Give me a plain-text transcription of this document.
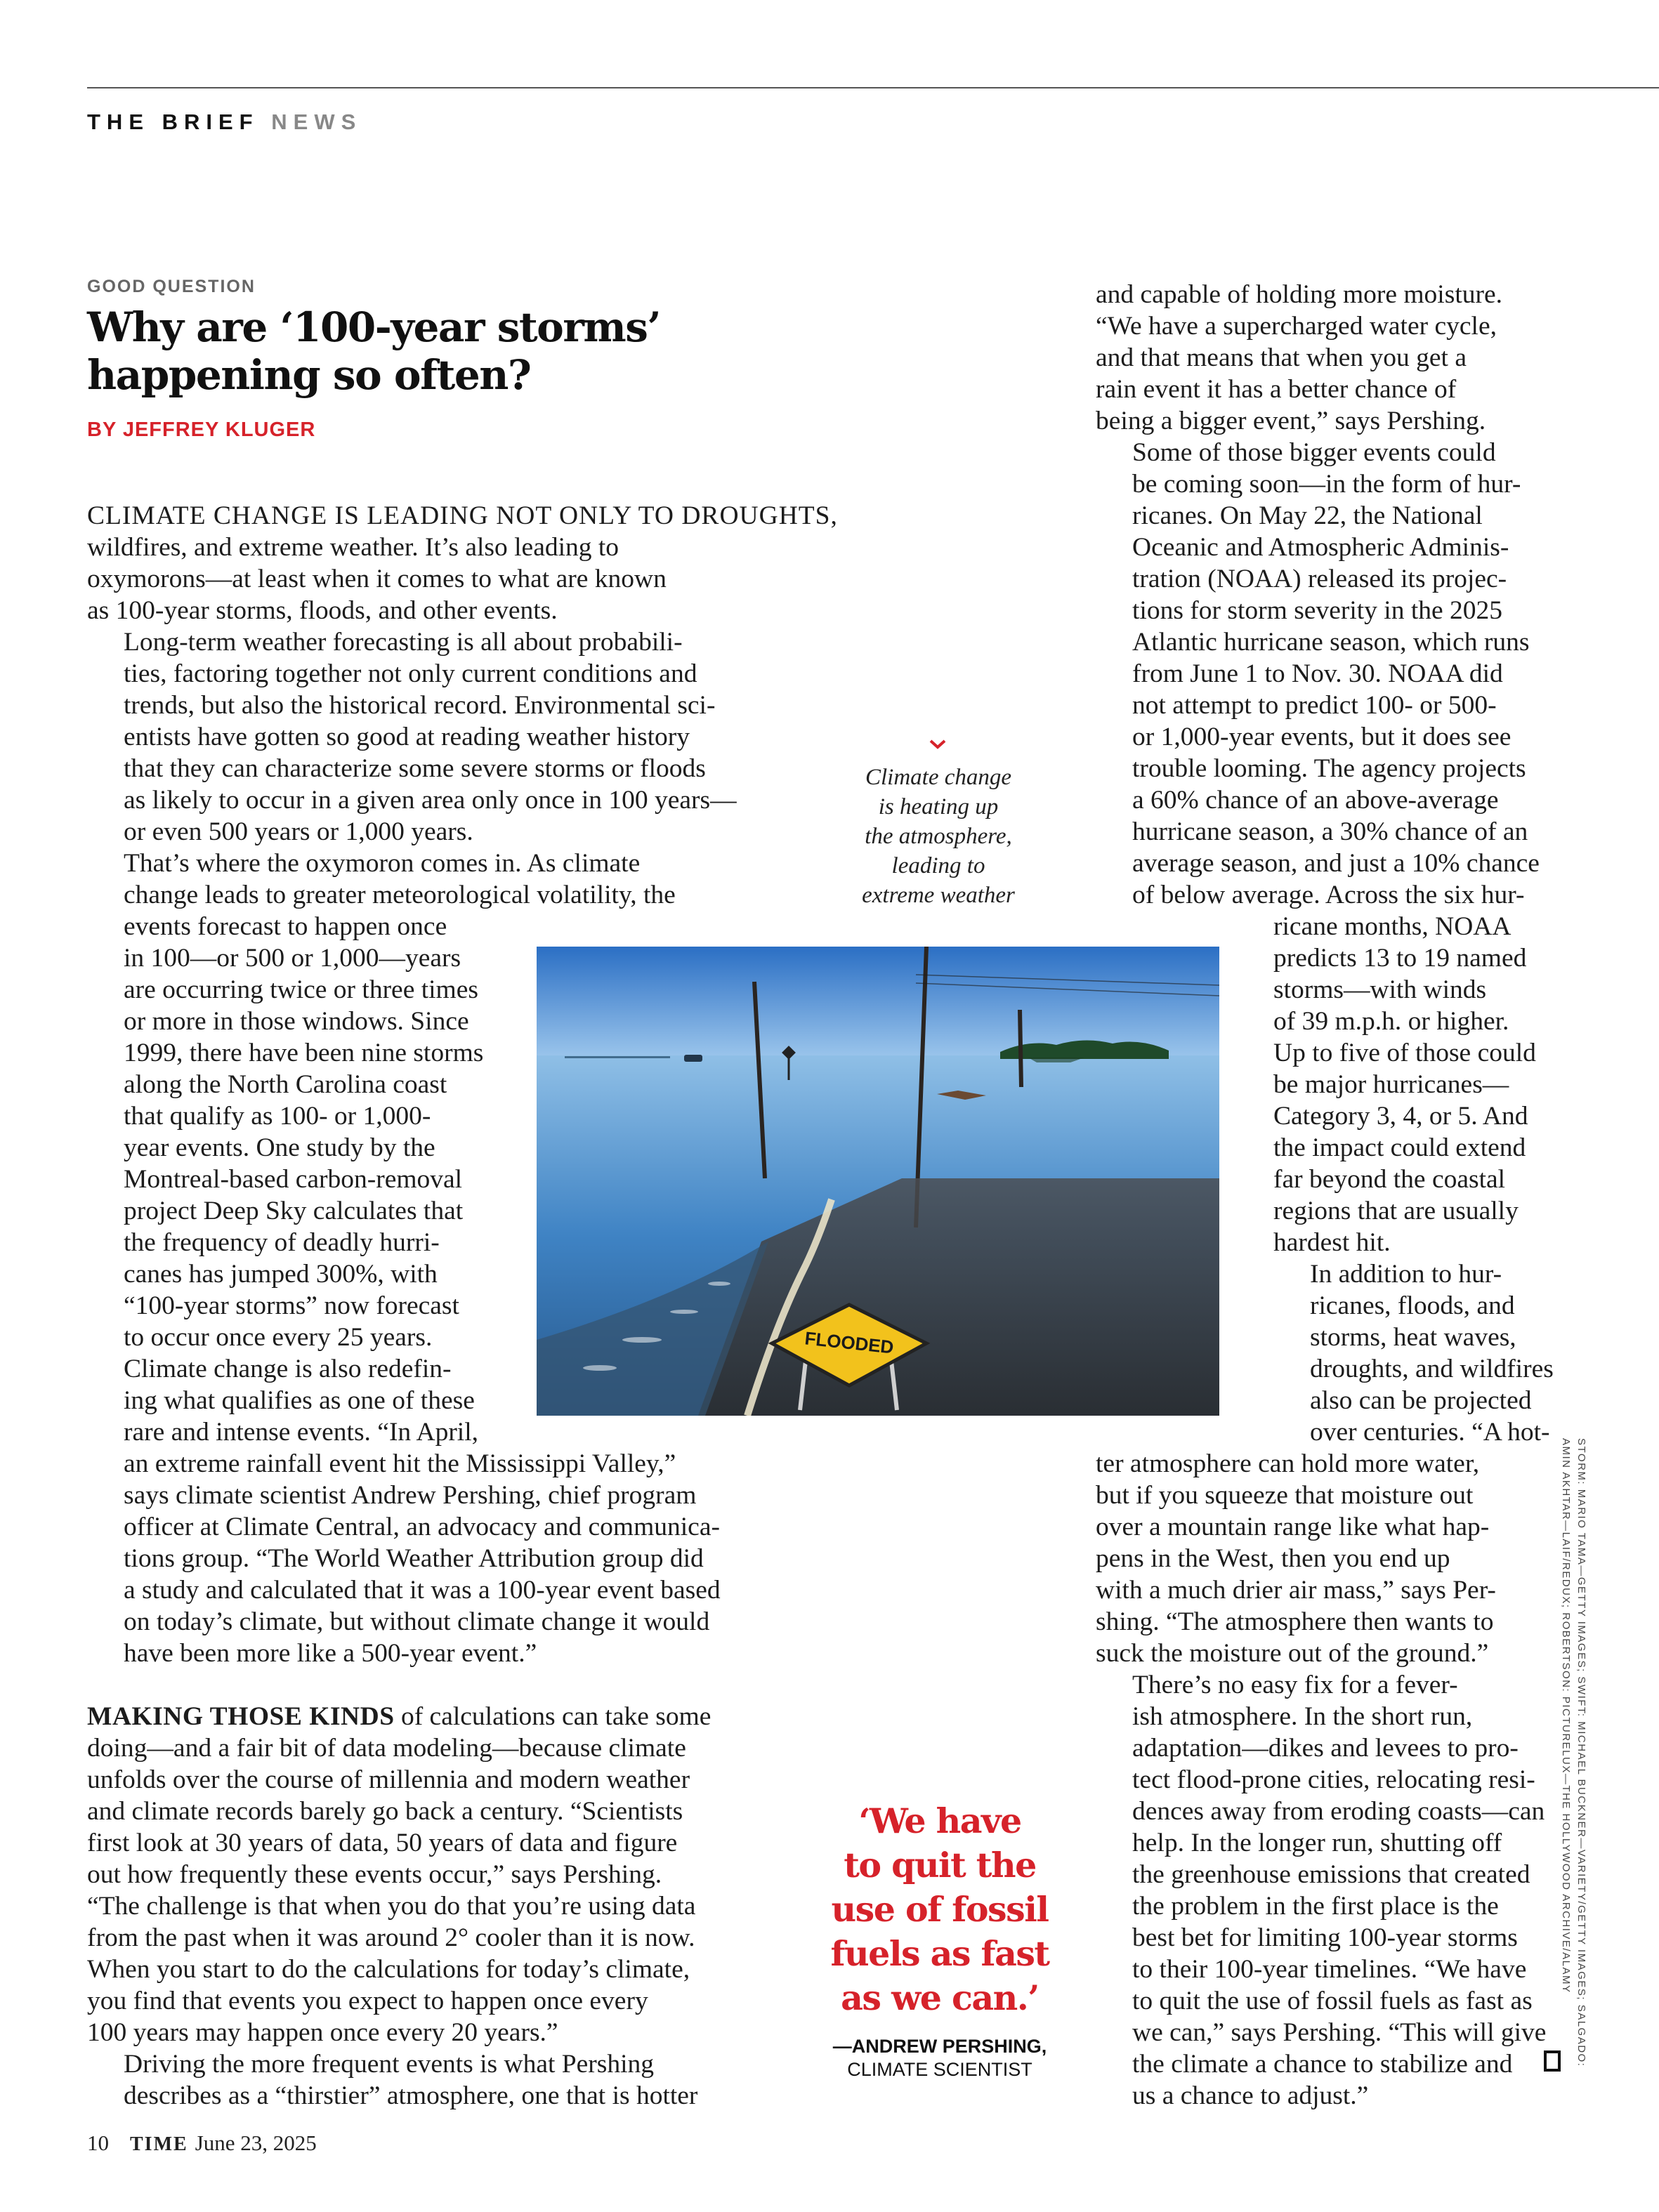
THE BRIEF NEWS
GOOD QUESTION
Why are ‘100-year storms’ happening so often?
BY JEFFREY KLUGER

CLIMATE CHANGE IS LEADING NOT ONLY TO DROUGHTS,
wildfires, and extreme weather. It’s also leading to
oxymorons—at least when it comes to what are known
as 100-year storms, floods, and other events.

Long-term weather forecasting is all about probabili-
ties, factoring together not only current conditions and
trends, but also the historical record. Environmental sci-
entists have gotten so good at reading weather history
that they can characterize some severe storms or floods
as likely to occur in a given area only once in 100 years—
or even 500 years or 1,000 years.

That’s where the oxymoron comes in. As climate
change leads to greater meteorological volatility, the
events forecast to happen once
in 100—or 500 or 1,000—years
are occurring twice or three times
or more in those windows. Since
1999, there have been nine storms
along the North Carolina coast
that qualify as 100- or 1,000-
year events. One study by the
Montreal-based carbon-removal
project Deep Sky calculates that
the frequency of deadly hurri-
canes has jumped 300%, with
“100-year storms” now forecast
to occur once every 25 years.

Climate change is also redefin-
ing what qualifies as one of these
rare and intense events. “In April,
an extreme rainfall event hit the Mississippi Valley,”
says climate scientist Andrew Pershing, chief program
officer at Climate Central, an advocacy and communica-
tions group. “The World Weather Attribution group did
a study and calculated that it was a 100-year event based
on today’s climate, but without climate change it would
have been more like a 500-year event.”

MAKING THOSE KINDS of calculations can take some
doing—and a fair bit of data modeling—because climate
unfolds over the course of millennia and modern weather
and climate records barely go back a century. “Scientists
first look at 30 years of data, 50 years of data and figure
out how frequently these events occur,” says Pershing.
“The challenge is that when you do that you’re using data
from the past when it was around 2° cooler than it is now.
When you start to do the calculations for today’s climate,
you find that events you expect to happen once every
100 years may happen once every 20 years.”

Driving the more frequent events is what Pershing
describes as a “thirstier” atmosphere, one that is hotter

and capable of holding more moisture.
“We have a supercharged water cycle,
and that means that when you get a
rain event it has a better chance of
being a bigger event,” says Pershing.

Some of those bigger events could
be coming soon—in the form of hur-
ricanes. On May 22, the National
Oceanic and Atmospheric Adminis-
tration (NOAA) released its projec-
tions for storm severity in the 2025
Atlantic hurricane season, which runs
from June 1 to Nov. 30. NOAA did
not attempt to predict 100- or 500-
or 1,000-year events, but it does see
trouble looming. The agency projects
a 60% chance of an above-average
hurricane season, a 30% chance of an
average season, and just a 10% chance
of below average. Across the six hur-

ricane months, NOAA
predicts 13 to 19 named
storms—with winds
of 39 m.p.h. or higher.
Up to five of those could
be major hurricanes—
Category 3, 4, or 5. And
the impact could extend
far beyond the coastal
regions that are usually
hardest hit.

In addition to hur-
ricanes, floods, and
storms, heat waves,
droughts, and wildfires
also can be projected
over centuries. “A hot-

ter atmosphere can hold more water,
but if you squeeze that moisture out
over a mountain range like what hap-
pens in the West, then you end up
with a much drier air mass,” says Per-
shing. “The atmosphere then wants to
suck the moisture out of the ground.”

There’s no easy fix for a fever-
ish atmosphere. In the short run,
adaptation—dikes and levees to pro-
tect flood-prone cities, relocating resi-
dences away from eroding coasts—can
help. In the longer run, shutting off
the greenhouse emissions that created
the problem in the first place is the
best bet for limiting 100-year storms
to their 100-year timelines. “We have
to quit the use of fossil fuels as fast as
we can,” says Pershing. “This will give
the climate a chance to stabilize and
us a chance to adjust.”

Climate change
is heating up
the atmosphere,
leading to
extreme weather
FLOODED
‘We have
to quit the
use of fossil
fuels as fast
as we can.’
—ANDREW PERSHING,
CLIMATE SCIENTIST
STORM: MARIO TAMA—GETTY IMAGES; SWIFT: MICHAEL BUCKNER—VARIETY/GETTY IMAGES; SALGADO:
AMIN AKHTAR—LAIF/REDUX; ROBERTSON: PICTURELUX—THE HOLLYWOOD ARCHIVE/ALAMY
10 TIME June 23, 2025
